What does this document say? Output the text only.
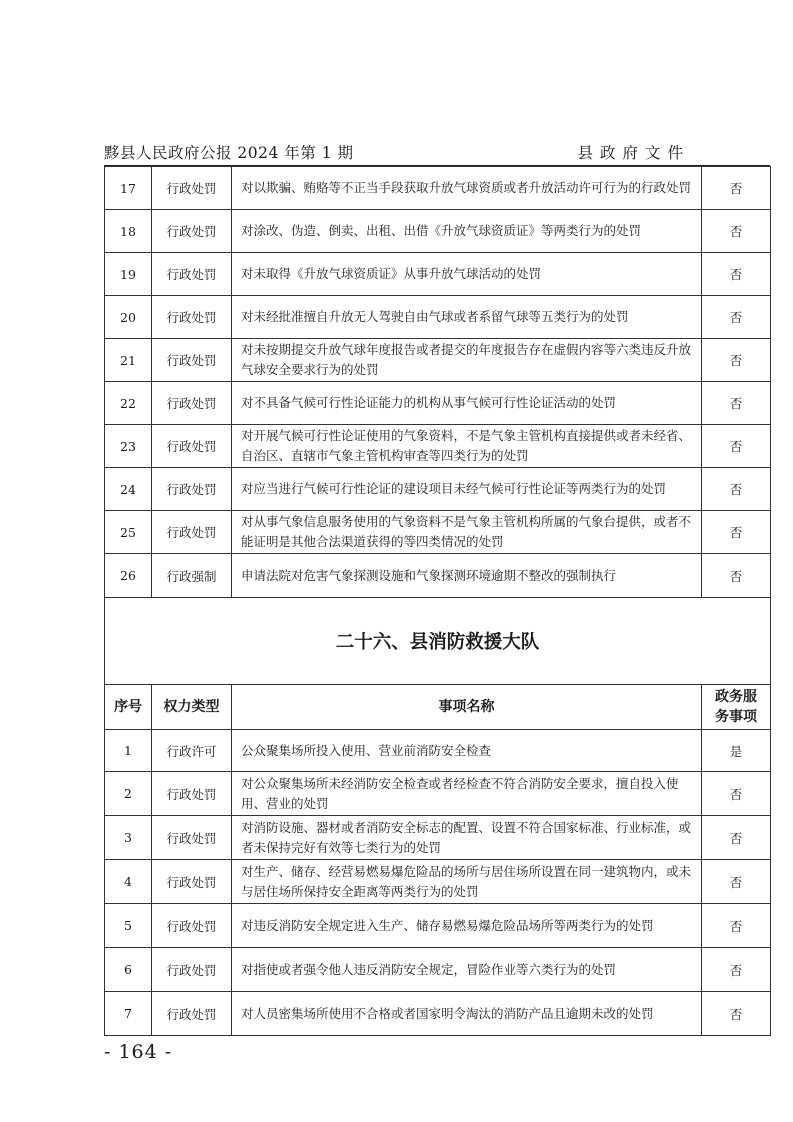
黟县人民政府公报 2024 年第 1 期	县政府文件
17	行政处罚	对以欺骗、贿赂等不正当手段获取升放气球资质或者升放活动许可行为的行政处罚	否
18	行政处罚	对涂改、伪造、倒卖、出租、出借《升放气球资质证》等两类行为的处罚	否
19	行政处罚	对未取得《升放气球资质证》从事升放气球活动的处罚	否
20	行政处罚	对未经批准擅自升放无人驾驶自由气球或者系留气球等五类行为的处罚	否
21	行政处罚	对未按期提交升放气球年度报告或者提交的年度报告存在虚假内容等六类违反升放气球安全要求行为的处罚	否
22	行政处罚	对不具备气候可行性论证能力的机构从事气候可行性论证活动的处罚	否
23	行政处罚	对开展气候可行性论证使用的气象资料，不是气象主管机构直接提供或者未经省、自治区、直辖市气象主管机构审查等四类行为的处罚	否
24	行政处罚	对应当进行气候可行性论证的建设项目未经气候可行性论证等两类行为的处罚	否
25	行政处罚	对从事气象信息服务使用的气象资料不是气象主管机构所属的气象台提供，或者不能证明是其他合法渠道获得的等四类情况的处罚	否
26	行政强制	申请法院对危害气象探测设施和气象探测环境逾期不整改的强制执行	否
二十六、县消防救援大队			
序号	权力类型	事项名称	政务服
务事项
1	行政许可	公众聚集场所投入使用、营业前消防安全检查	是
2	行政处罚	对公众聚集场所未经消防安全检查或者经检查不符合消防安全要求，擅自投入使用、营业的处罚	否
3	行政处罚	对消防设施、器材或者消防安全标志的配置、设置不符合国家标准、行业标准，或者未保持完好有效等七类行为的处罚	否
4	行政处罚	对生产、储存、经营易燃易爆危险品的场所与居住场所设置在同一建筑物内，或未与居住场所保持安全距离等两类行为的处罚	否
5	行政处罚	对违反消防安全规定进入生产、储存易燃易爆危险品场所等两类行为的处罚	否
6	行政处罚	对指使或者强令他人违反消防安全规定，冒险作业等六类行为的处罚	否
7	行政处罚	对人员密集场所使用不合格或者国家明令淘汰的消防产品且逾期未改的处罚	否
- 164 -
